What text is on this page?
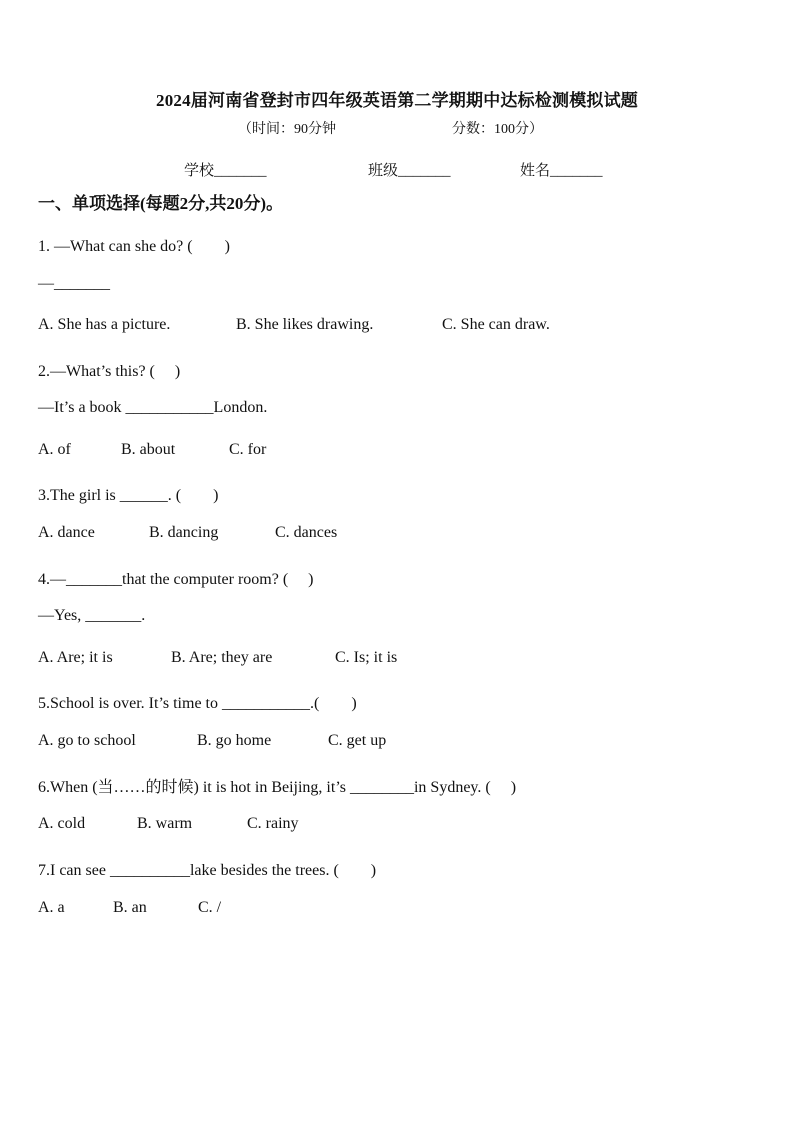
2024届河南省登封市四年级英语第二学期期中达标检测模拟试题
（时间：90分钟	分数：100分）
学校_______	班级_______	姓名_______
一、单项选择(每题2分,共20分)。
1. —What can she do? (　　)
—_______
A. She has a picture.	B. She likes drawing.	C. She can draw.
2.—What’s this? (　 )
—It’s a book ___________London.
A. of	B. about	C. for
3.The girl is ______. (　　)
A. dance	B. dancing	C. dances
4.—_______that the computer room? (　 )
—Yes, _______.
A. Are; it is	B. Are; they are	C. Is; it is
5.School is over. It’s time to ___________.(　　)
A. go to school	B. go home	C. get up
6.When (当……的时候) it is hot in Beijing, it’s ________in Sydney. (　 )
A. cold	B. warm	C. rainy
7.I can see __________lake besides the trees. (　　)
A. a	B. an	C. /
